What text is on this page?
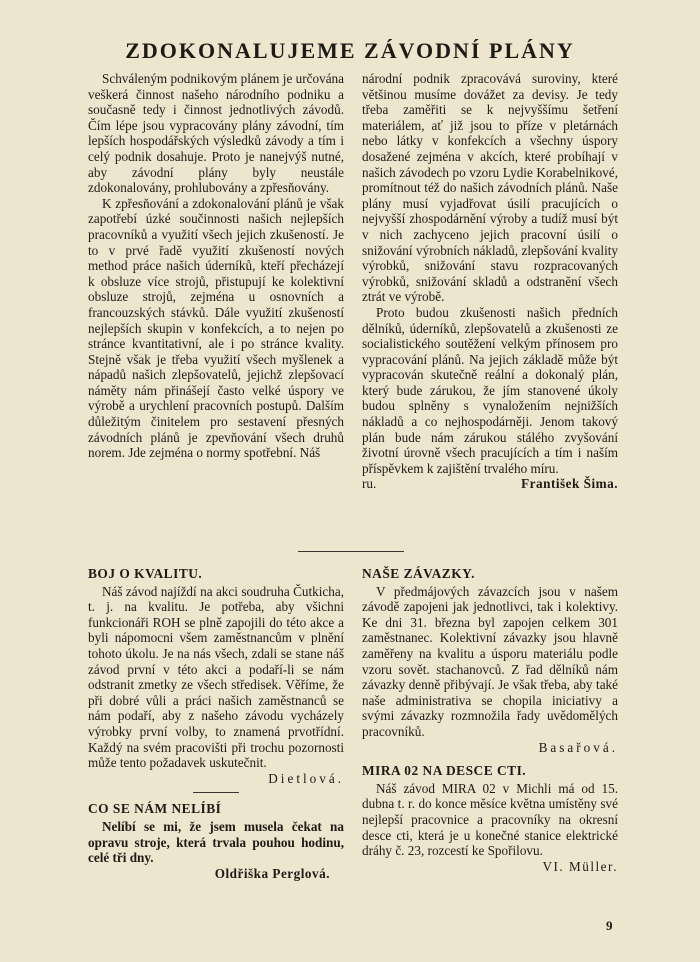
ZDOKONALUJEME ZÁVODNÍ PLÁNY

Schváleným podnikovým plánem je určována veškerá činnost našeho národního podniku a současně tedy i činnost jednotlivých závodů. Čím lépe jsou vypracovány plány závodní, tím lepších hospodářských výsledků závody a tím i celý podnik dosahuje. Proto je nanejvýš nutné, aby závodní plány byly neustále zdokonalovány, prohlubovány a zpřesňovány.

K zpřesňování a zdokonalování plánů je však zapotřebí úzké součinnosti našich nejlepších pracovníků a využití všech jejich zkušeností. Je to v prvé řadě využití zkušeností nových method práce našich úderníků, kteří přecházejí k obsluze více strojů, přistupují ke kolektivní obsluze strojů, zejména u osnovních a francouzských stávků. Dále využití zkušeností nejlepších skupin v konfekcích, a to nejen po stránce kvantitativní, ale i po stránce kvality. Stejně však je třeba využití všech myšlenek a nápadů našich zlepšovatelů, jejichž zlepšovací náměty nám přinášejí často velké úspory ve výrobě a urychlení pracovních postupů. Dalším důležitým činitelem pro sestavení přesných závodních plánů je zpevňování všech druhů norem. Jde zejména o normy spotřební. Náš

národní podnik zpracovává suroviny, které většinou musíme dovážet za devisy. Je tedy třeba zaměřiti se k nejvyššímu šetření materiálem, ať již jsou to příze v pletárnách nebo látky v konfekcích a všechny úspory dosažené zejména v akcích, které probíhají v našich závodech po vzoru Lydie Korabelnikové, promítnout též do našich závodních plánů. Naše plány musí vyjadřovat úsilí pracujících o nejvyšší zhospodárnění výroby a tudíž musí být v nich zachyceno jejich pracovní úsilí o snižování výrobních nákladů, zlepšování kvality výrobků, snižování stavu rozpracovaných výrobků, snižování skladů a odstranění všech ztrát ve výrobě.

Proto budou zkušenosti našich předních dělníků, úderníků, zlepšovatelů a zkušenosti ze socialistického soutěžení velkým přínosem pro vypracování plánů. Na jejich základě může být vypracován skutečně reální a dokonalý plán, který bude zárukou, že jím stanovené úkoly budou splněny s vynaložením nejnižších nákladů a co nejhospodárněji. Jenom takový plán bude nám zárukou stálého zvyšování životní úrovně všech pracujících a tím i naším příspěvkem k zajištění trvalého míru.

ru.	František Šima.
BOJ O KVALITU.

Náš závod najíždí na akci soudruha Čutkicha, t. j. na kvalitu. Je potřeba, aby všichni funkcionáři ROH se plně zapojili do této akce a byli nápomocni všem zaměstnancům v plnění tohoto úkolu. Je na nás všech, zdali se stane náš závod první v této akci a podaří-li se nám odstranit zmetky ze všech středisek. Věříme, že při dobré vůli a práci našich zaměstnanců se nám podaří, aby z našeho závodu vycházely výrobky první volby, to znamená prvotřídní. Každý na svém pracovišti při trochu pozornosti může tento požadavek uskutečnit.

Dietlová.
CO SE NÁM NELÍBÍ

Nelíbí se mi, že jsem musela čekat na opravu stroje, která trvala pouhou hodinu, celé tři dny.

Oldřiška Perglová.
NAŠE ZÁVAZKY.

V předmájových závazcích jsou v našem závodě zapojeni jak jednotlivci, tak i kolektivy. Ke dni 31. března byl zapojen celkem 301 zaměstnanec. Kolektivní závazky jsou hlavně zaměřeny na kvalitu a úsporu materiálu podle vzoru sovět. stachanovců. Z řad dělníků nám závazky denně přibývají. Je však třeba, aby také naše administrativa se chopila iniciativy a svými závazky rozmnožila řady uvědomělých pracovníků.

Basařová.
MIRA 02 NA DESCE CTI.

Náš závod MIRA 02 v Michli má od 15. dubna t. r. do konce měsíce května umístěny své nejlepší pracovnice a pracovníky na okresní desce cti, která je u konečné stanice elektrické dráhy č. 23, rozcestí ke Spořilovu.

VI. Müller.
9
